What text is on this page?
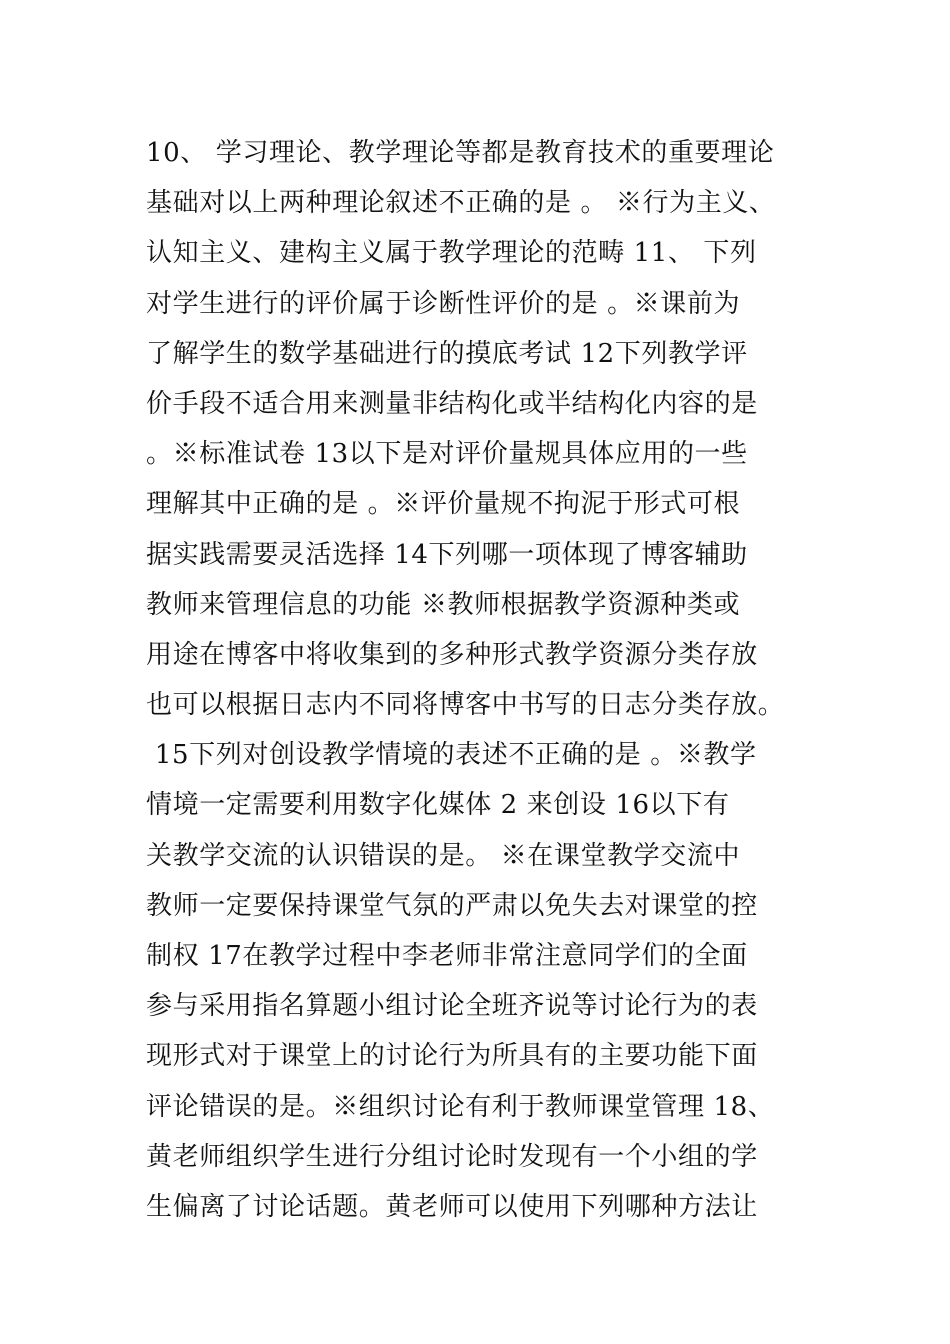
10、 学习理论、教学理论等都是教育技术的重要理论
基础对以上两种理论叙述不正确的是 。 ※行为主义、
认知主义、建构主义属于教学理论的范畴 11、 下列
对学生进行的评价属于诊断性评价的是 。※课前为
了解学生的数学基础进行的摸底考试 12下列教学评
价手段不适合用来测量非结构化或半结构化内容的是
。※标准试卷 13以下是对评价量规具体应用的一些
理解其中正确的是 。※评价量规不拘泥于形式可根
据实践需要灵活选择 14下列哪一项体现了博客辅助
教师来管理信息的功能 ※教师根据教学资源种类或
用途在博客中将收集到的多种形式教学资源分类存放
也可以根据日志内不同将博客中书写的日志分类存放。
15下列对创设教学情境的表述不正确的是 。※教学
情境一定需要利用数字化媒体 2 来创设 16以下有
关教学交流的认识错误的是。 ※在课堂教学交流中
教师一定要保持课堂气氛的严肃以免失去对课堂的控
制权 17在教学过程中李老师非常注意同学们的全面
参与采用指名算题小组讨论全班齐说等讨论行为的表
现形式对于课堂上的讨论行为所具有的主要功能下面
评论错误的是。※组织讨论有利于教师课堂管理 18、
黄老师组织学生进行分组讨论时发现有一个小组的学
生偏离了讨论话题。黄老师可以使用下列哪种方法让
